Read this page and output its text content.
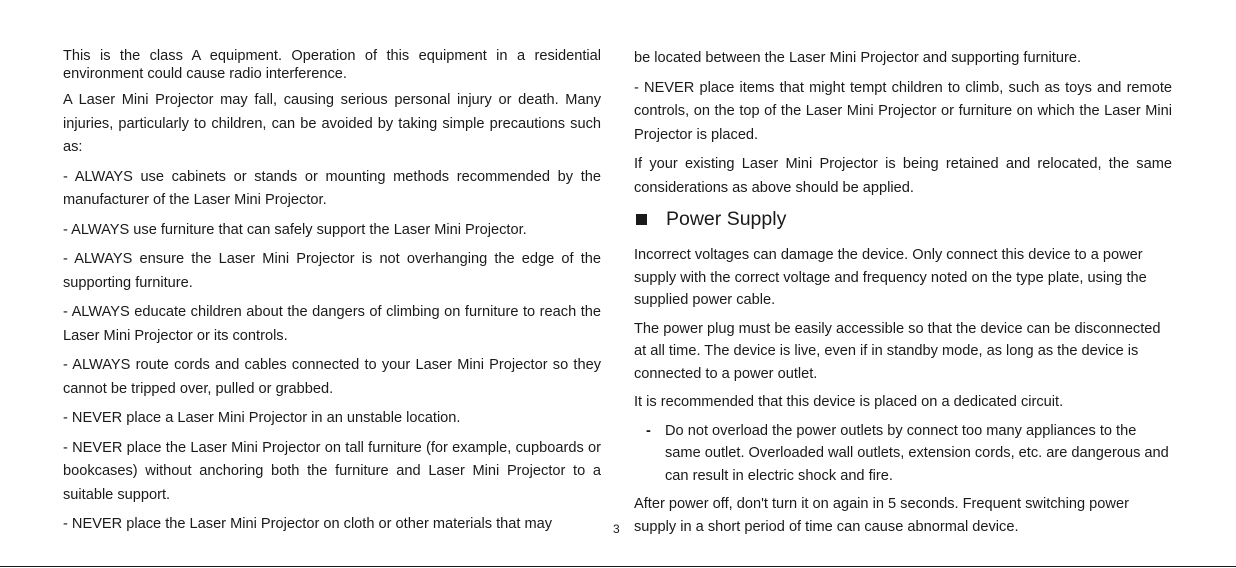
This is the class A equipment. Operation of this equipment in a residential environment could cause radio interference.

A Laser Mini Projector may fall, causing serious personal injury or death. Many injuries, particularly to children, can be avoided by taking simple precautions such as:

- ALWAYS use cabinets or stands or mounting methods recommended by the manufacturer of the Laser Mini Projector.

- ALWAYS use furniture that can safely support the Laser Mini Projector.

- ALWAYS ensure the Laser Mini Projector is not overhanging the edge of the supporting furniture.

- ALWAYS educate children about the dangers of climbing on furniture to reach the Laser Mini Projector or its controls.

- ALWAYS route cords and cables connected to your Laser Mini Projector so they cannot be tripped over, pulled or grabbed.

- NEVER place a Laser Mini Projector in an unstable location.

- NEVER place the Laser Mini Projector on tall furniture (for example, cupboards or bookcases) without anchoring both the furniture and Laser Mini Projector to a suitable support.

- NEVER place the Laser Mini Projector on cloth or other materials that may

be located between the Laser Mini Projector and supporting furniture.

- NEVER place items that might tempt children to climb, such as toys and remote controls, on the top of the Laser Mini Projector or furniture on which the Laser Mini Projector is placed.

If your existing Laser Mini Projector is being retained and relocated, the same considerations as above should be applied.

Power Supply

Incorrect voltages can damage the device. Only connect this device to a power supply with the correct voltage and frequency noted on the type plate, using the supplied power cable.

The power plug must be easily accessible so that the device can be disconnected at all time. The device is live, even if in standby mode, as long as the device is connected to a power outlet.

It is recommended that this device is placed on a dedicated circuit.

- Do not overload the power outlets by connect too many appliances to the same outlet. Overloaded wall outlets, extension cords, etc. are dangerous and can result in electric shock and fire.

After power off, don't turn it on again in 5 seconds. Frequent switching power supply in a short period of time can cause abnormal device.

3
